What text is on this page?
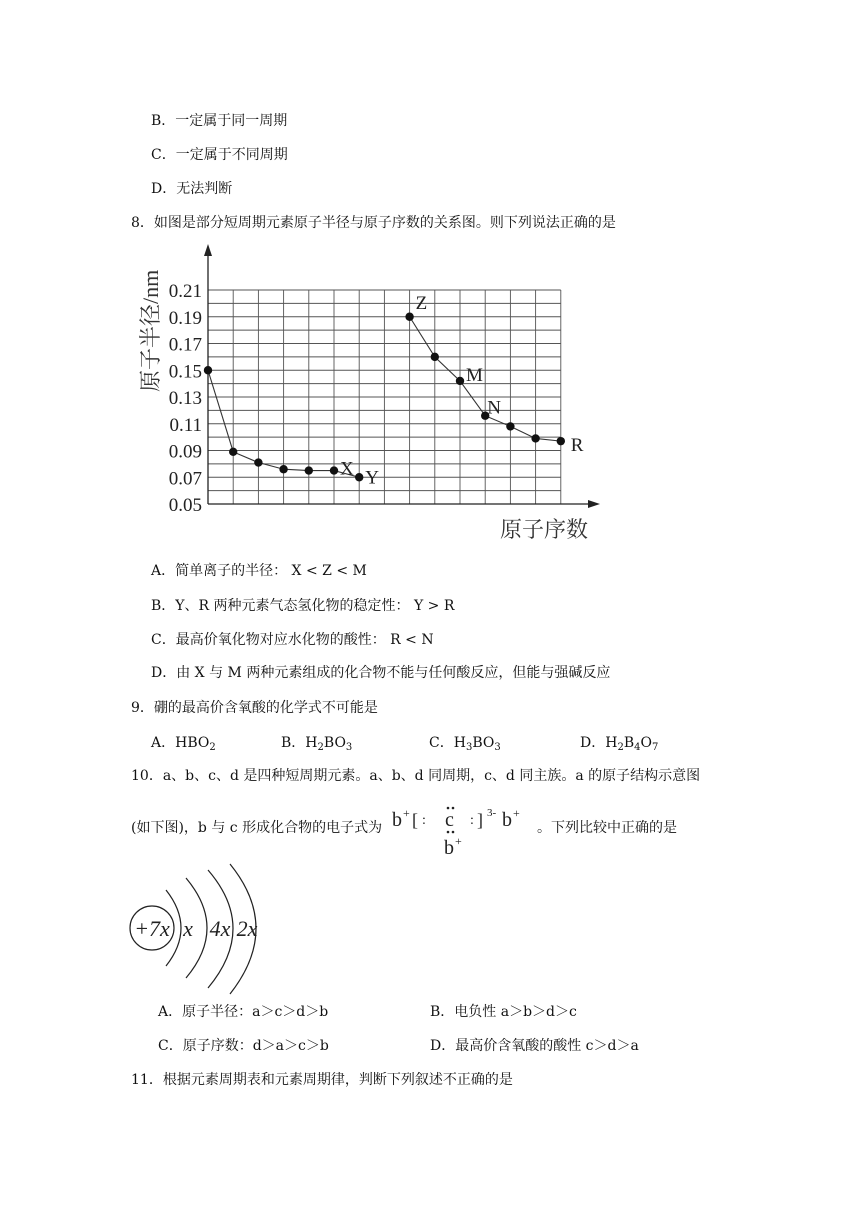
B．一定属于同一周期
C．一定属于不同周期
D．无法判断
8．如图是部分短周期元素原子半径与原子序数的关系图。则下列说法正确的是
0.21
0.19
0.17
0.15
0.13
0.11
0.09
0.07
0.05
X Y
Z
M
N
R
原子半径/nm
原子序数
A．简单离子的半径： X < Z < M
B．Y、R 两种元素气态氢化物的稳定性： Y > R
C．最高价氧化物对应水化物的酸性： R < N
D．由 X 与 M 两种元素组成的化合物不能与任何酸反应，但能与强碱反应
9．硼的最高价含氧酸的化学式不可能是
A．$HBO_2$	B．$H_2BO_3$	C．$H_3BO_3$	D．$H_2B_4O_7$
10．a、b、c、d 是四种短周期元素。a、b、d 同周期，c、d 同主族。a 的原子结构示意图
(如下图)，b 与 c 形成化合物的电子式为 b + [ : c : ] 3- b +
b +
。下列比较中正确的是
+7x x 4x 2x
A．原子半径：a＞c＞d＞b	B．电负性 a＞b＞d＞c
C．原子序数：d＞a＞c＞b	D．最高价含氧酸的酸性 c＞d＞a
11．根据元素周期表和元素周期律，判断下列叙述不正确的是
